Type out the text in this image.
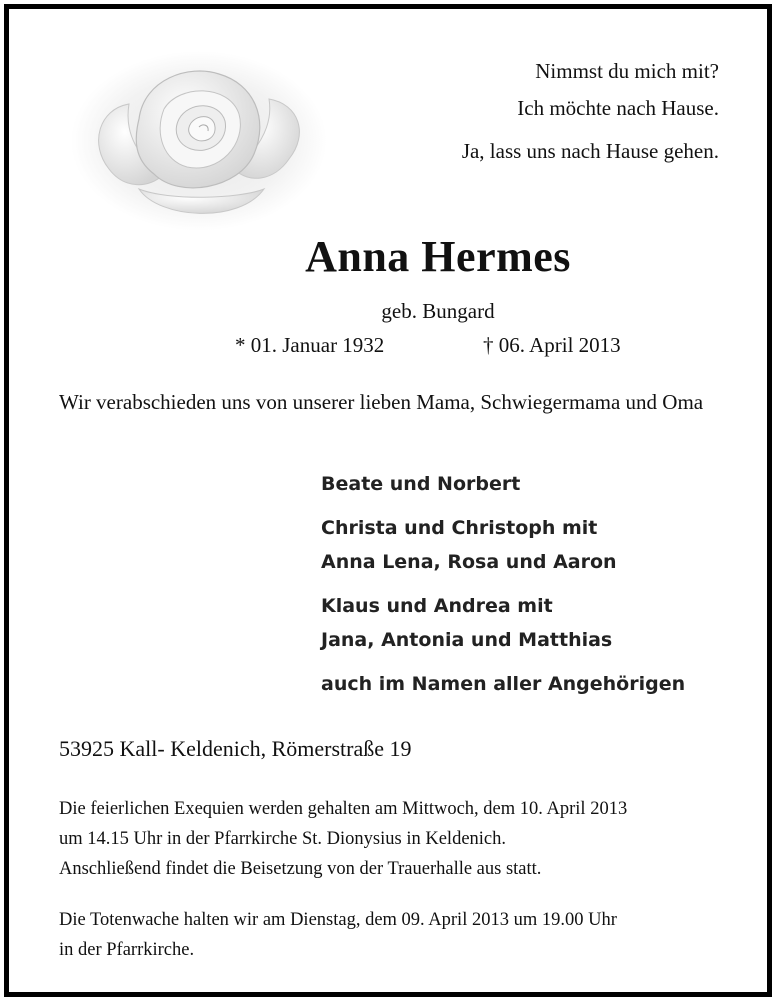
Nimmst du mich mit?
Ich möchte nach Hause.
Ja, lass uns nach Hause gehen.
Anna Hermes
geb. Bungard
* 01. Januar 1932	† 06. April 2013
Wir verabschieden uns von unserer lieben Mama, Schwiegermama und Oma
Beate und Norbert
Christa und Christoph mit
Anna Lena, Rosa und Aaron
Klaus und Andrea mit
Jana, Antonia und Matthias
auch im Namen aller Angehörigen
53925 Kall- Keldenich, Römerstraße 19
Die feierlichen Exequien werden gehalten am Mittwoch, dem 10. April 2013
um 14.15 Uhr in der Pfarrkirche St. Dionysius in Keldenich.
Anschließend findet die Beisetzung von der Trauerhalle aus statt.
Die Totenwache halten wir am Dienstag, dem 09. April 2013 um 19.00 Uhr
in der Pfarrkirche.
